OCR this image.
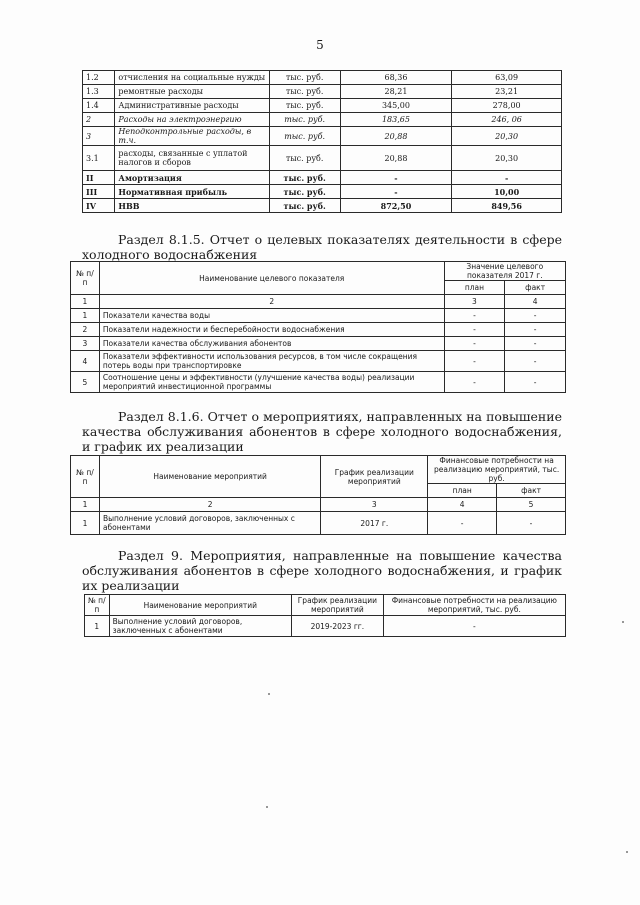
5
1.2	отчисления на социальные нужды	тыс. руб.	68,36	63,09
1.3	ремонтные расходы	тыс. руб.	28,21	23,21
1.4	Административные расходы	тыс. руб.	345,00	278,00
2	Расходы на электроэнергию	тыс. руб.	183,65	246, 06
3	Неподконтрольные расходы, в т.ч.	тыс. руб.	20,88	20,30
3.1	расходы, связанные с уплатой налогов и сборов	тыс. руб.	20,88	20,30
II	Амортизация	тыс. руб.	-	-
III	Нормативная прибыль	тыс. руб.	-	10,00
IV	НВВ	тыс. руб.	872,50	849,56
Раздел 8.1.5. Отчет о целевых показателях деятельности в сфере холодного водоснабжения
№ п/п	Наименование целевого показателя	Значение целевого показателя 2017 г.	
		план	факт
1	2	3	4
1	Показатели качества воды	-	-
2	Показатели надежности и бесперебойности водоснабжения	-	-
3	Показатели качества обслуживания абонентов	-	-
4	Показатели эффективности использования ресурсов, в том числе сокращения потерь воды при транспортировке	-	-
5	Соотношение цены и эффективности (улучшение качества воды) реализации мероприятий инвестиционной программы	-	-
Раздел 8.1.6. Отчет о мероприятиях, направленных на повышение качества обслуживания абонентов в сфере холодного водоснабжения, и график их реализации
№ п/п	Наименование мероприятий	График реализации мероприятий	Финансовые потребности на реализацию мероприятий, тыс. руб.	
			план	факт
1	2	3	4	5
1	Выполнение условий договоров, заключенных с абонентами	2017 г.	-	-
Раздел 9. Мероприятия, направленные на повышение качества обслуживания абонентов в сфере холодного водоснабжения, и график их реализации
№ п/п	Наименование мероприятий	График реализации мероприятий	Финансовые потребности на реализацию мероприятий, тыс. руб.
1	Выполнение условий договоров, заключенных с абонентами	2019-2023 гг.	-
